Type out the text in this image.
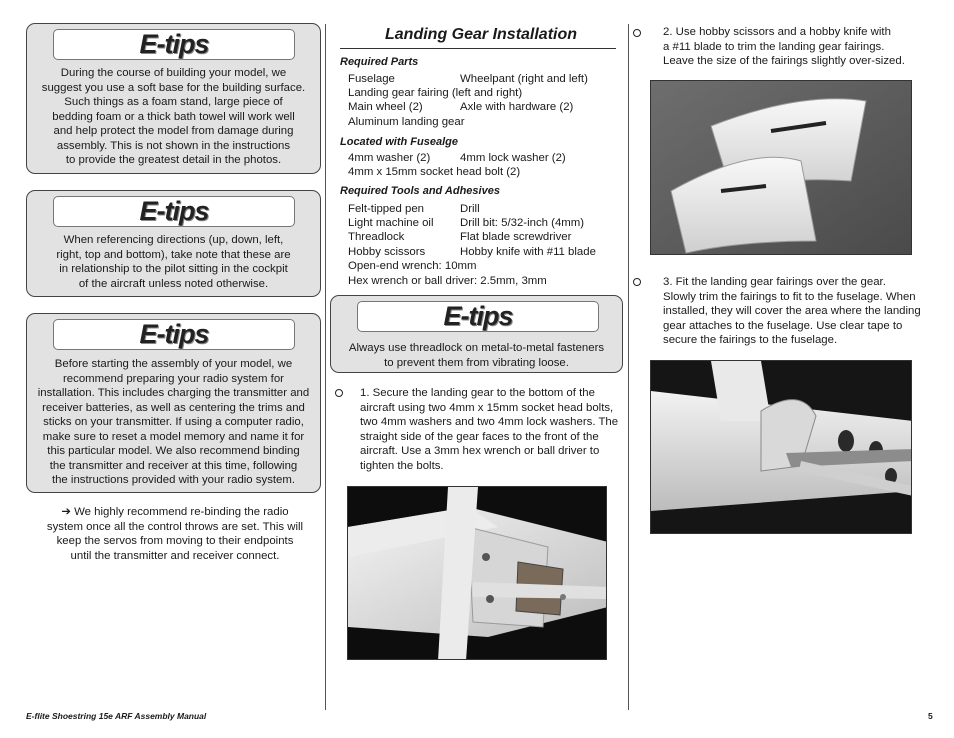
E-tips
During the course of building your model, we
suggest you use a soft base for the building surface.
Such things as a foam stand, large piece of
bedding foam or a thick bath towel will work well
and help protect the model from damage during
assembly. This is not shown in the instructions
to provide the greatest detail in the photos.
E-tips
When referencing directions (up, down, left,
right, top and bottom), take note that these are
in relationship to the pilot sitting in the cockpit
of the aircraft unless noted otherwise.
E-tips
Before starting the assembly of your model, we
recommend preparing your radio system for
installation. This includes charging the transmitter and
receiver batteries, as well as centering the trims and
sticks on your transmitter. If using a computer radio,
make sure to reset a model memory and name it for
this particular model. We also recommend binding
the transmitter and receiver at this time, following
the instructions provided with your radio system.
➔ We highly recommend re-binding the radio
system once all the control throws are set. This will
keep the servos from moving to their endpoints
until the transmitter and receiver connect.
Landing Gear Installation
Required Parts
Fuselage	Wheelpant (right and left)
Landing gear fairing (left and right)
Main wheel (2)	Axle with hardware (2)
Aluminum landing gear
Located with Fusealge
4mm washer (2)	4mm lock washer (2)
4mm x 15mm socket head bolt (2)
Required Tools and Adhesives
Felt-tipped pen	Drill
Light machine oil Drill bit: 5/32-inch (4mm)
Threadlock	Flat blade screwdriver
Hobby scissors	Hobby knife with #11 blade
Open-end wrench: 10mm
Hex wrench or ball driver: 2.5mm, 3mm
E-tips
Always use threadlock on metal-to-metal fasteners
to prevent them from vibrating loose.
1. Secure the landing gear to the bottom of the
aircraft using two 4mm x 15mm socket head bolts,
two 4mm washers and two 4mm lock washers. The
straight side of the gear faces to the front of the
aircraft. Use a 3mm hex wrench or ball driver to
tighten the bolts.
2. Use hobby scissors and a hobby knife with
a #11 blade to trim the landing gear fairings.
Leave the size of the fairings slightly over-sized.
3. Fit the landing gear fairings over the gear.
Slowly trim the fairings to fit to the fuselage. When
installed, they will cover the area where the landing
gear attaches to the fuselage. Use clear tape to
secure the fairings to the fuselage.
E-flite Shoestring 15e ARF Assembly Manual	5
